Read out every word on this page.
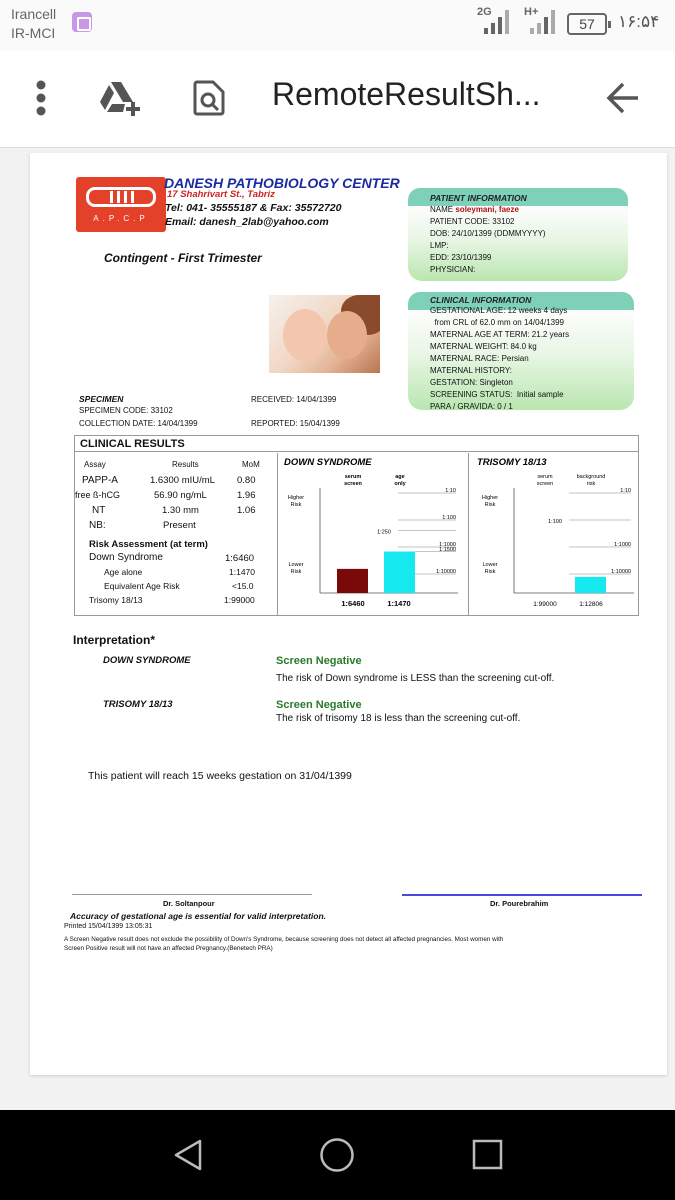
Irancell
IR-MCI
2G	H+
57	۱۶:۵۴
RemoteResultSh...
A.P.C.P
DANESH PATHOBIOLOGY CENTER
17 Shahrivart St., Tabriz
Tel: 041- 35555187 & Fax: 35572720
Email: danesh_2lab@yahoo.com
Contingent - First Trimester
PATIENT INFORMATION
NAME soleymani, faeze
PATIENT CODE: 33102
DOB: 24/10/1399 (DDMMYYYY)
LMP:
EDD: 23/10/1399
PHYSICIAN:
CLINICAL INFORMATION
GESTATIONAL AGE: 12 weeks 4 days
from CRL of 62.0 mm on 14/04/1399
MATERNAL AGE AT TERM: 21.2 years
MATERNAL WEIGHT: 84.0 kg
MATERNAL RACE: Persian
MATERNAL HISTORY:
GESTATION: Singleton
SCREENING STATUS:  Initial sample
PARA / GRAVIDA: 0 / 1
SPECIMEN
SPECIMEN CODE: 33102
COLLECTION DATE: 14/04/1399
RECEIVED: 14/04/1399
REPORTED: 15/04/1399
CLINICAL RESULTS
Assay	Results	MoM
PAPP-A	1.6300 mIU/mL 0.80
free ß-hCG	56.90 ng/mL	1.96
NT	1.30 mm	1.06
NB:	Present
Risk Assessment (at term)
Down Syndrome	1:6460
Age alone	1:1470
Equivalent Age Risk	<15.0
Trisomy 18/13	1:99000
DOWN SYNDROME
serum
screen
age
only
Higher
Risk
Lower
Risk
1:10
1:100
1:250
1:1000
1:1500
1:10000
1:6460	1:1470
TRISOMY 18/13
serum
screen
background
risk
Higher
Risk
Lower
Risk
1:10
1:100
1:1000
1:10000
1:99000	1:12806
Interpretation*
DOWN SYNDROME	Screen Negative
The risk of Down syndrome is LESS than the screening cut-off.
TRISOMY 18/13	Screen Negative
The risk of trisomy 18 is less than the screening cut-off.
This patient will reach 15 weeks gestation on 31/04/1399
Dr. Soltanpour	Dr. Pourebrahim
Accuracy of gestational age is essential for valid interpretation.
Printed 15/04/1399 13:05:31
A Screen Negative result does not exclude the possibility of Down's Syndrome, because screening does not detect all affected pregnancies. Most women with
Screen Positive result will not have an affected Pregnancy.(Benetech PRA)
